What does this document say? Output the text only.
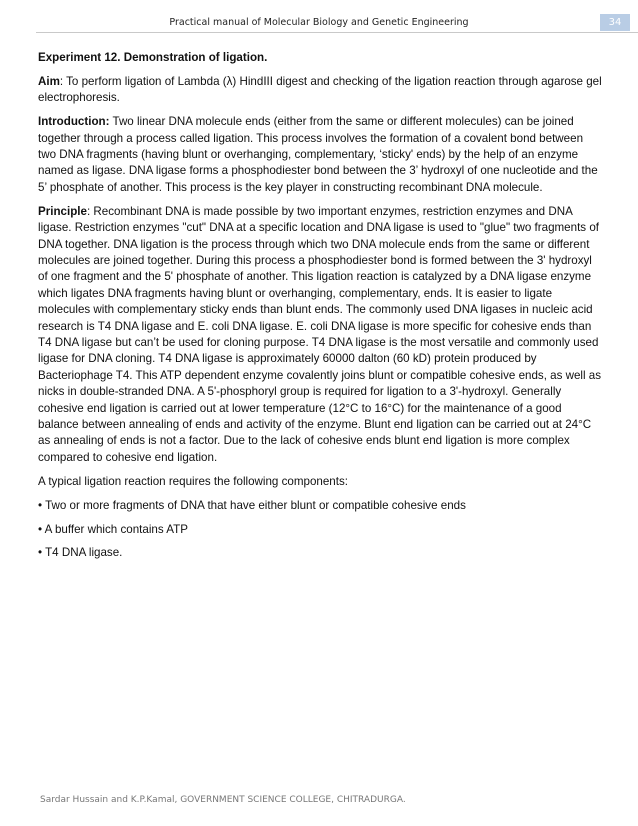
Practical manual of Molecular Biology and Genetic Engineering	34

Experiment 12. Demonstration of ligation.

Aim: To perform ligation of Lambda (λ) HindIII digest and checking of the ligation reaction through agarose gel electrophoresis.

Introduction: Two linear DNA molecule ends (either from the same or different molecules) can be joined together through a process called ligation. This process involves the formation of a covalent bond between two DNA fragments (having blunt or overhanging, complementary, ‘sticky' ends) by the help of an enzyme named as ligase. DNA ligase forms a phosphodiester bond between the 3’ hydroxyl of one nucleotide and the 5’ phosphate of another. This process is the key player in constructing recombinant DNA molecule.

Principle: Recombinant DNA is made possible by two important enzymes, restriction enzymes and DNA ligase. Restriction enzymes "cut" DNA at a specific location and DNA ligase is used to "glue" two fragments of DNA together. DNA ligation is the process through which two DNA molecule ends from the same or different molecules are joined together. During this process a phosphodiester bond is formed between the 3' hydroxyl of one fragment and the 5' phosphate of another. This ligation reaction is catalyzed by a DNA ligase enzyme which ligates DNA fragments having blunt or overhanging, complementary, ends. It is easier to ligate molecules with complementary sticky ends than blunt ends. The commonly used DNA ligases in nucleic acid research is T4 DNA ligase and E. coli DNA ligase. E. coli DNA ligase is more specific for cohesive ends than T4 DNA ligase but can’t be used for cloning purpose. T4 DNA ligase is the most versatile and commonly used ligase for DNA cloning. T4 DNA ligase is approximately 60000 dalton (60 kD) protein produced by Bacteriophage T4. This ATP dependent enzyme covalently joins blunt or compatible cohesive ends, as well as nicks in double-stranded DNA. A 5'-phosphoryl group is required for ligation to a 3'-hydroxyl. Generally cohesive end ligation is carried out at lower temperature (12°C to 16°C) for the maintenance of a good balance between annealing of ends and activity of the enzyme. Blunt end ligation can be carried out at 24°C as annealing of ends is not a factor. Due to the lack of cohesive ends blunt end ligation is more complex compared to cohesive end ligation.

A typical ligation reaction requires the following components:

• Two or more fragments of DNA that have either blunt or compatible cohesive ends

• A buffer which contains ATP

• T4 DNA ligase.

Sardar Hussain and K.P.Kamal, GOVERNMENT SCIENCE COLLEGE, CHITRADURGA.
